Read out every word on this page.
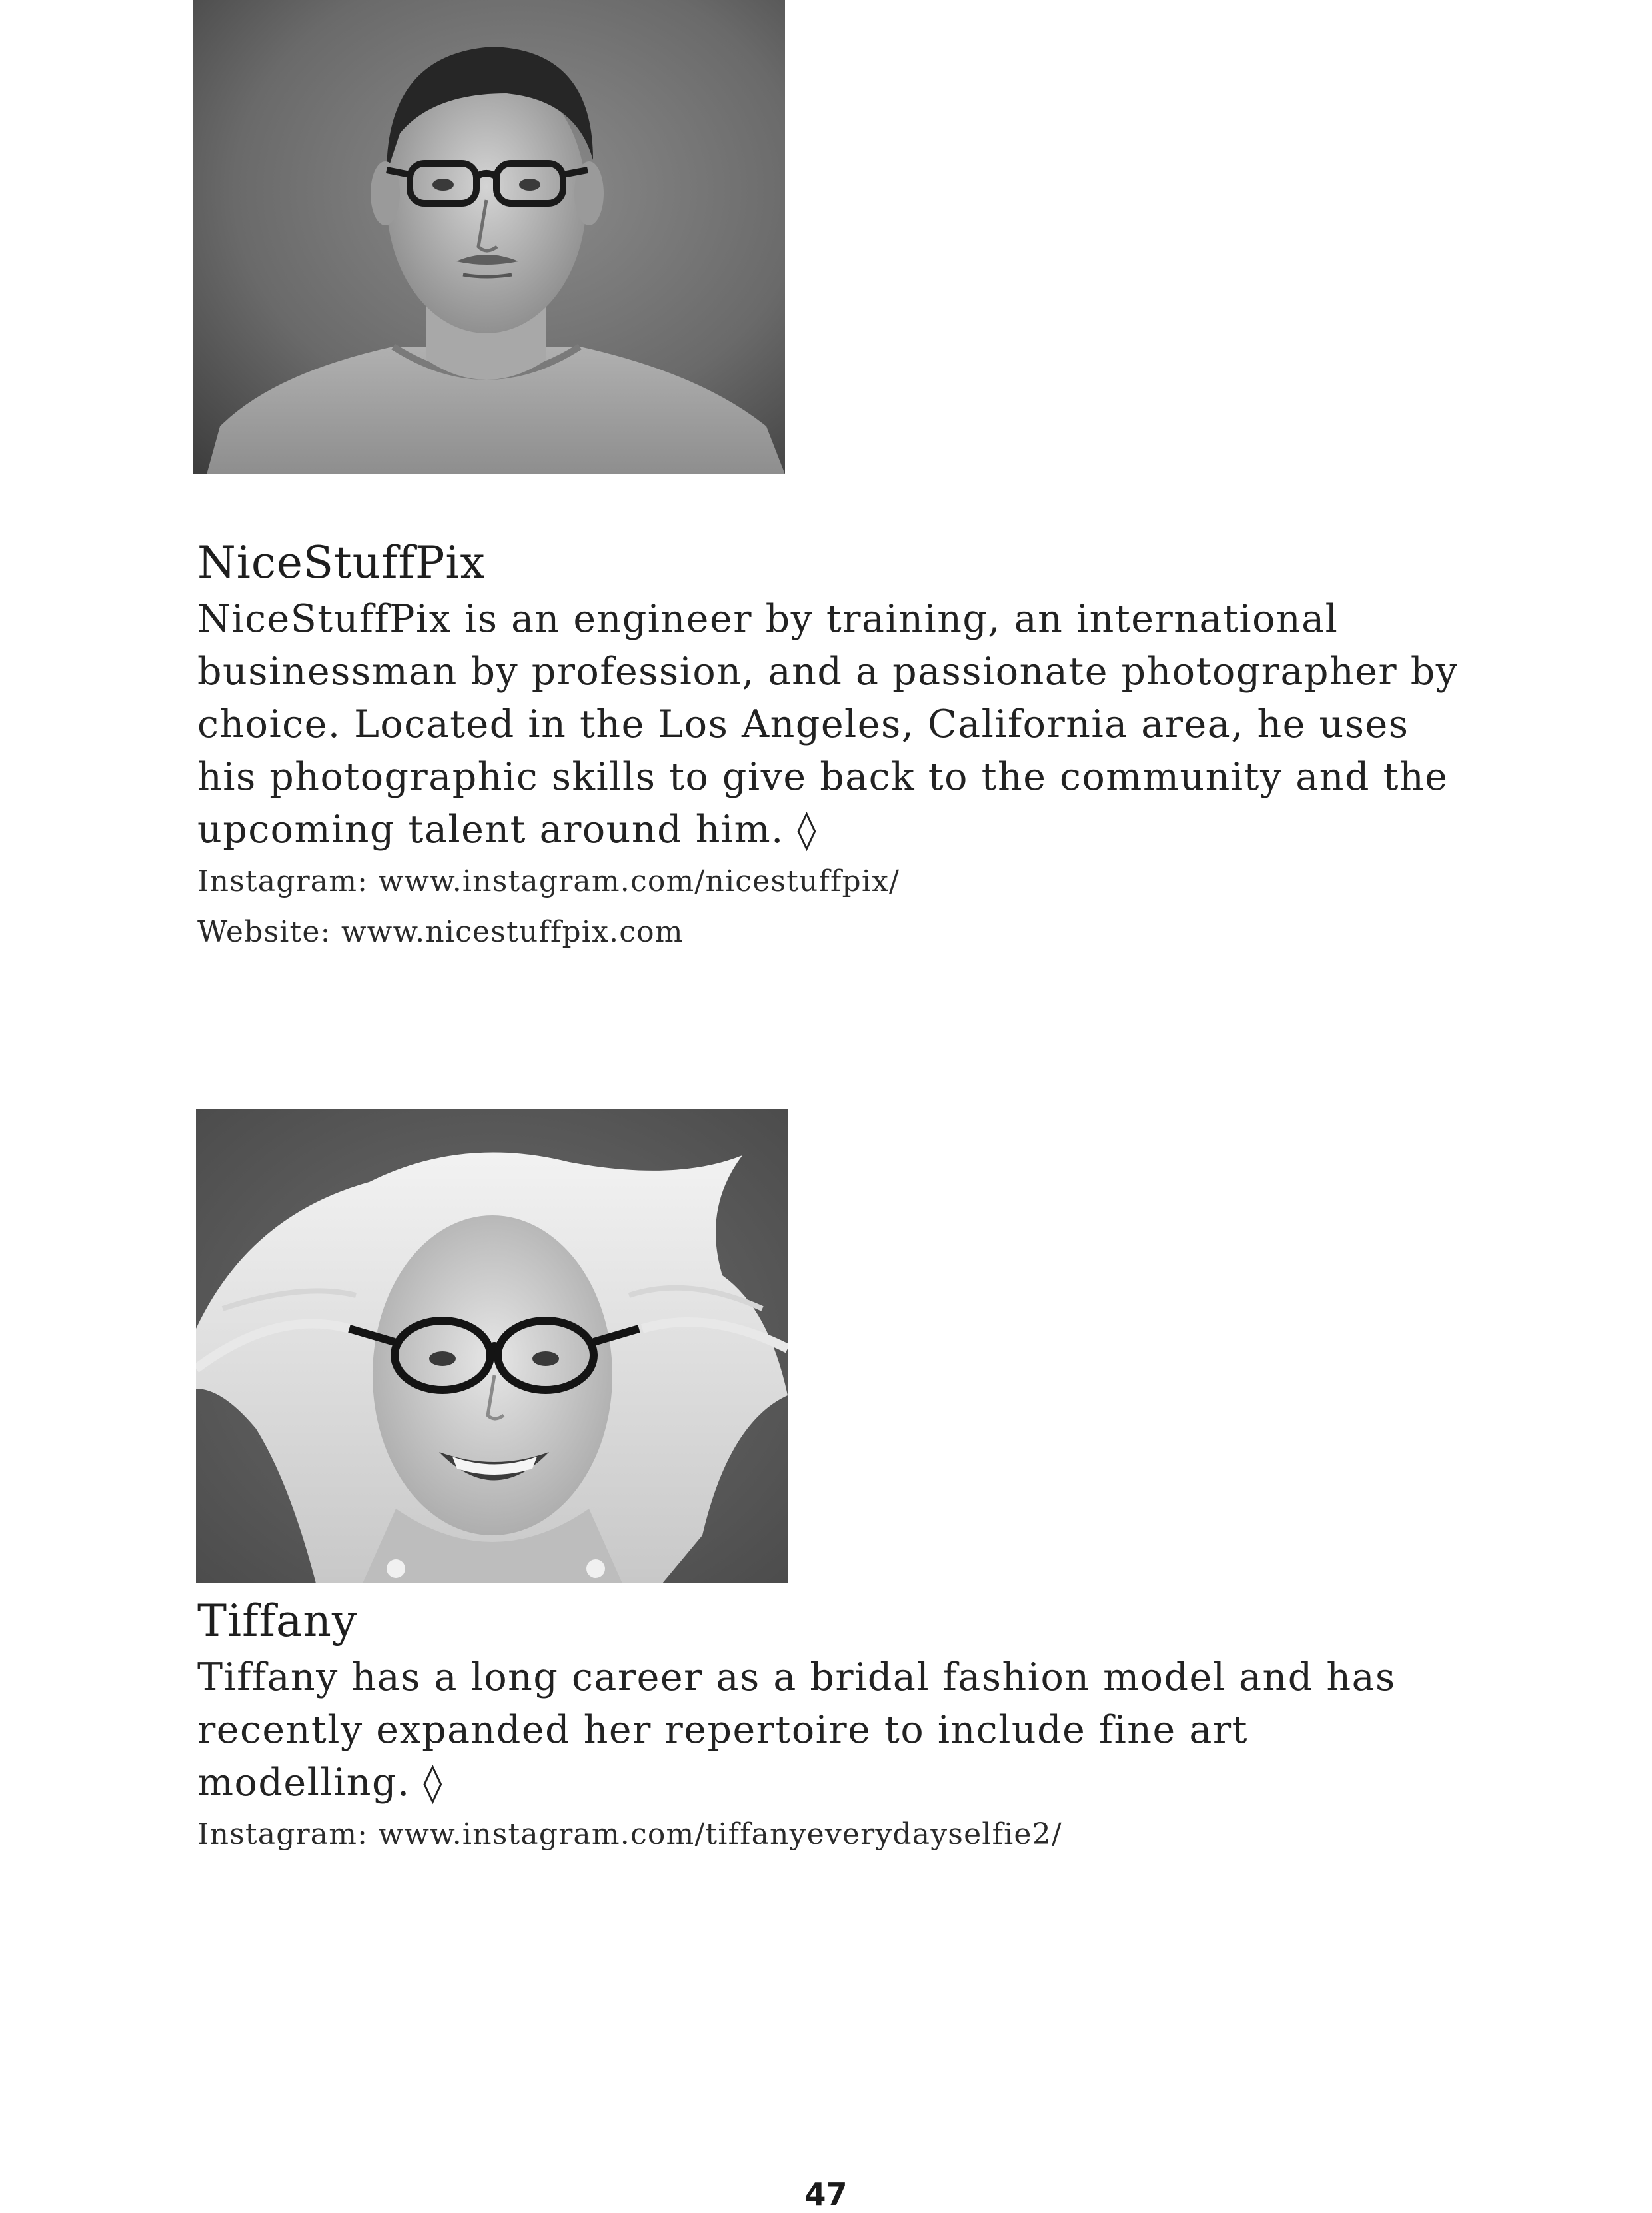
NiceStuffPix

NiceStuffPix is an engineer by training, an international businessman by profession, and a passionate photographer by choice. Located in the Los Angeles, California area, he uses his photographic skills to give back to the community and the upcoming talent around him. ◊

Instagram: www.instagram.com/nicestuffpix/

Website: www.nicestuffpix.com

Tiffany

Tiffany has a long career as a bridal fashion model and has recently expanded her repertoire to include fine art modelling. ◊

Instagram: www.instagram.com/tiffanyeverydayselfie2/

47
